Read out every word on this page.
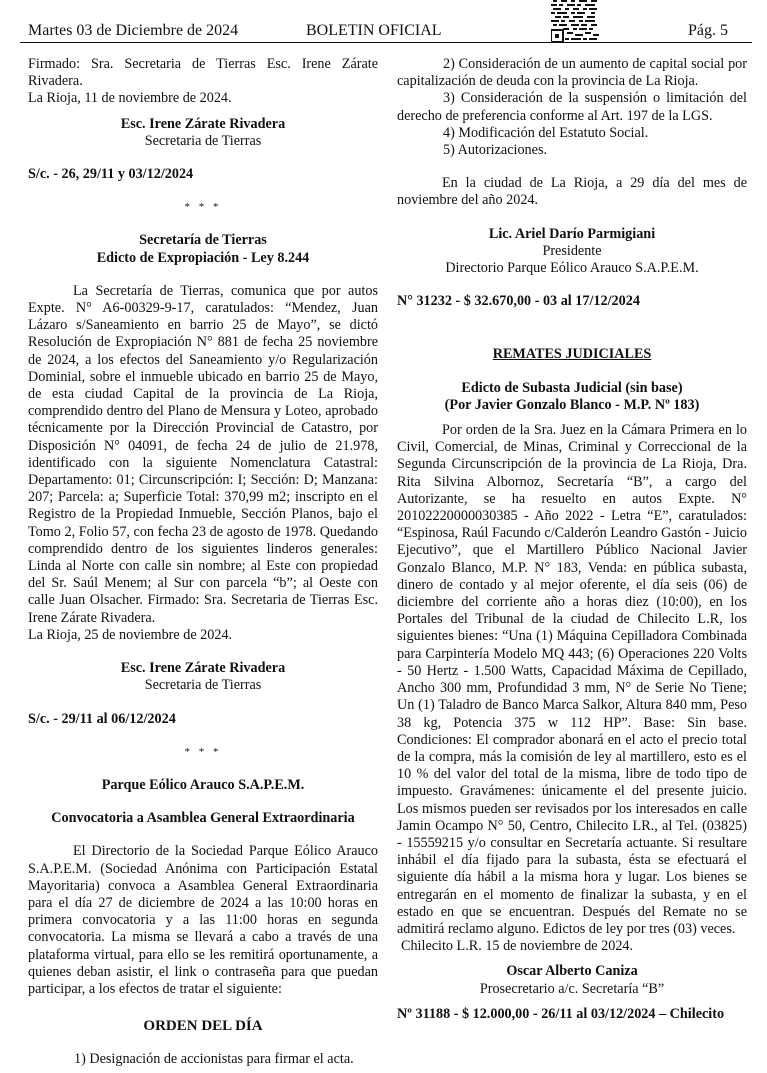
Martes 03 de Diciembre de 2024	BOLETIN OFICIAL	Pág. 5

Firmado: Sra. Secretaria de Tierras Esc. Irene Zárate Rivadera.

La Rioja, 11 de noviembre de 2024.

Esc. Irene Zárate Rivadera

Secretaria de Tierras

S/c. - 26, 29/11 y 03/12/2024

* * *

Secretaría de Tierras

Edicto de Expropiación - Ley 8.244

La Secretaría de Tierras, comunica que por autos Expte. N° A6-00329-9-17, caratulados: “Mendez, Juan Lázaro s/Saneamiento en barrio 25 de Mayo”, se dictó Resolución de Expropiación N° 881 de fecha 25 noviembre de 2024, a los efectos del Saneamiento y/o Regularización Dominial, sobre el inmueble ubicado en barrio 25 de Mayo, de esta ciudad Capital de la provincia de La Rioja, comprendido dentro del Plano de Mensura y Loteo, aprobado técnicamente por la Dirección Provincial de Catastro, por Disposición N° 04091, de fecha 24 de julio de 21.978, identificado con la siguiente Nomenclatura Catastral: Departamento: 01; Circunscripción: I; Sección: D; Manzana: 207; Parcela: a; Superficie Total: 370,99 m2; inscripto en el Registro de la Propiedad Inmueble, Sección Planos, bajo el Tomo 2, Folio 57, con fecha 23 de agosto de 1978. Quedando comprendido dentro de los siguientes linderos generales: Linda al Norte con calle sin nombre; al Este con propiedad del Sr. Saúl Menem; al Sur con parcela “b”; al Oeste con calle Juan Olsacher. Firmado: Sra. Secretaria de Tierras Esc. Irene Zárate Rivadera.

La Rioja, 25 de noviembre de 2024.

Esc. Irene Zárate Rivadera

Secretaria de Tierras

S/c. - 29/11 al 06/12/2024

* * *

Parque Eólico Arauco S.A.P.E.M.

Convocatoria a Asamblea General Extraordinaria

El Directorio de la Sociedad Parque Eólico Arauco S.A.P.E.M. (Sociedad Anónima con Participación Estatal Mayoritaria) convoca a Asamblea General Extraordinaria para el día 27 de diciembre de 2024 a las 10:00 horas en primera convocatoria y a las 11:00 horas en segunda convocatoria. La misma se llevará a cabo a través de una plataforma virtual, para ello se les remitirá oportunamente, a quienes deban asistir, el link o contraseña para que puedan participar, a los efectos de tratar el siguiente:

ORDEN DEL DÍA

1) Designación de accionistas para firmar el acta.

2) Consideración de un aumento de capital social por capitalización de deuda con la provincia de La Rioja.

3) Consideración de la suspensión o limitación del derecho de preferencia conforme al Art. 197 de la LGS.

4) Modificación del Estatuto Social.

5) Autorizaciones.

En la ciudad de La Rioja, a 29 día del mes de noviembre del año 2024.

Lic. Ariel Darío Parmigiani

Presidente

Directorio Parque Eólico Arauco S.A.P.E.M.

N° 31232 - $ 32.670,00 - 03 al 17/12/2024

REMATES JUDICIALES

Edicto de Subasta Judicial (sin base)

(Por Javier Gonzalo Blanco - M.P. Nº 183)

Por orden de la Sra. Juez en la Cámara Primera en lo Civil, Comercial, de Minas, Criminal y Correccional de la Segunda Circunscripción de la provincia de La Rioja, Dra. Rita Silvina Albornoz, Secretaría “B”, a cargo del Autorizante, se ha resuelto en autos Expte. N° 20102220000030385 - Año 2022 - Letra “E”, caratulados: “Espinosa, Raúl Facundo c/Calderón Leandro Gastón - Juicio Ejecutivo”, que el Martillero Público Nacional Javier Gonzalo Blanco, M.P. N° 183, Venda: en pública subasta, dinero de contado y al mejor oferente, el día seis (06) de diciembre del corriente año a horas diez (10:00), en los Portales del Tribunal de la ciudad de Chilecito L.R, los siguientes bienes: “Una (1) Máquina Cepilladora Combinada para Carpintería Modelo MQ 443; (6) Operaciones 220 Volts - 50 Hertz - 1.500 Watts, Capacidad Máxima de Cepillado, Ancho 300 mm, Profundidad 3 mm, N° de Serie No Tiene; Un (1) Taladro de Banco Marca Salkor, Altura 840 mm, Peso 38 kg, Potencia 375 w 112 HP”. Base: Sin base. Condiciones: El comprador abonará en el acto el precio total de la compra, más la comisión de ley al martillero, esto es el 10 % del valor del total de la misma, libre de todo tipo de impuesto. Gravámenes: únicamente el del presente juicio. Los mismos pueden ser revisados por los interesados en calle Jamin Ocampo N° 50, Centro, Chilecito LR., al Tel. (03825) - 15559215 y/o consultar en Secretaría actuante. Si resultare inhábil el día fijado para la subasta, ésta se efectuará el siguiente día hábil a la misma hora y lugar. Los bienes se entregarán en el momento de finalizar la subasta, y en el estado en que se encuentran. Después del Remate no se admitirá reclamo alguno. Edictos de ley por tres (03) veces.

Chilecito L.R. 15 de noviembre de 2024.

Oscar Alberto Caniza

Prosecretario a/c. Secretaría “B”

Nº 31188 - $ 12.000,00 - 26/11 al 03/12/2024 – Chilecito
